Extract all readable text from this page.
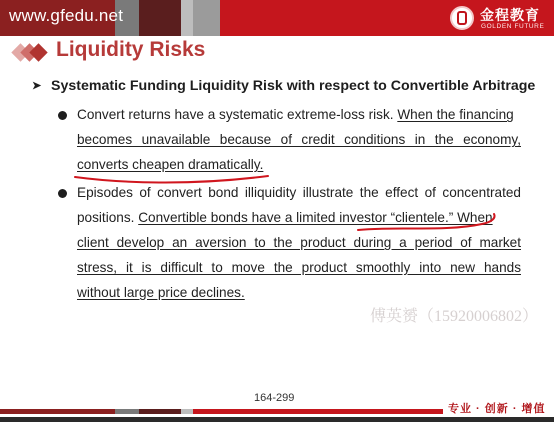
www.gfedu.net	金程教育
GOLDEN FUTURE
Liquidity Risks
➤ Systematic Funding Liquidity Risk with respect to Convertible Arbitrage
Convert returns have a systematic extreme-loss risk. When the financing
becomes unavailable because of credit conditions in the economy,
converts cheapen dramatically.
Episodes of convert bond illiquidity illustrate the effect of concentrated
positions. Convertible bonds have a limited investor “clientele.” When
client develop an aversion to the product during a period of market
stress, it is difficult to move the product smoothly into new hands
without large price declines.
傅英赟（15920006802）
164-299
专业 · 创新 · 增值
